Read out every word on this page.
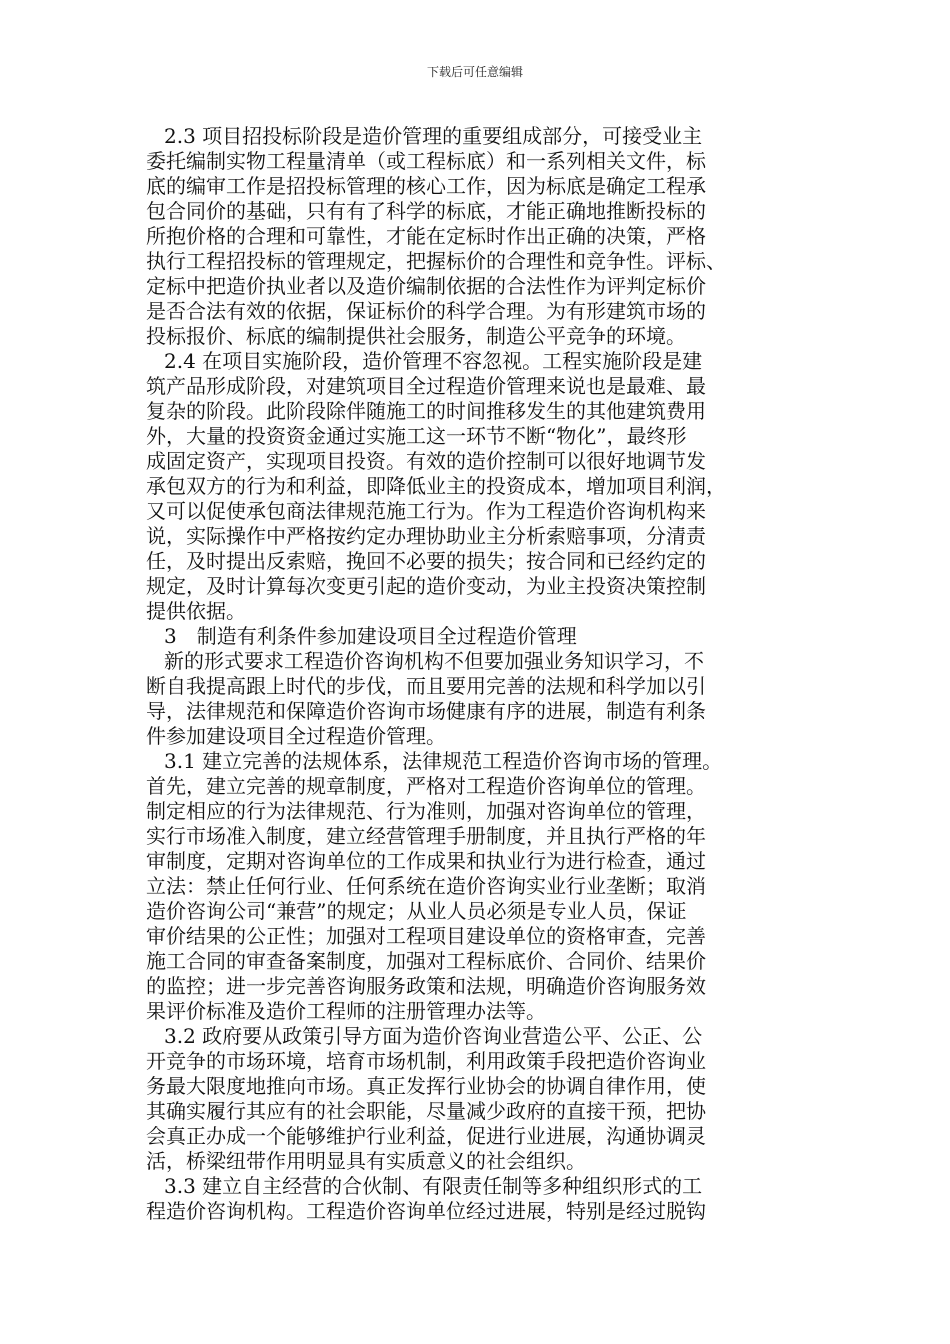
下载后可任意编辑
2.3 项目招投标阶段是造价管理的重要组成部分，可接受业主
委托编制实物工程量清单（或工程标底）和一系列相关文件，标
底的编审工作是招投标管理的核心工作，因为标底是确定工程承
包合同价的基础，只有有了科学的标底，才能正确地推断投标的
所抱价格的合理和可靠性，才能在定标时作出正确的决策，严格
执行工程招投标的管理规定，把握标价的合理性和竞争性。评标、
定标中把造价执业者以及造价编制依据的合法性作为评判定标价
是否合法有效的依据，保证标价的科学合理。为有形建筑市场的
投标报价、标底的编制提供社会服务，制造公平竞争的环境。
2.4 在项目实施阶段，造价管理不容忽视。工程实施阶段是建
筑产品形成阶段，对建筑项目全过程造价管理来说也是最难、最
复杂的阶段。此阶段除伴随施工的时间推移发生的其他建筑费用
外，大量的投资资金通过实施工这一环节不断“物化”，最终形
成固定资产，实现项目投资。有效的造价控制可以很好地调节发
承包双方的行为和利益，即降低业主的投资成本，增加项目利润，
又可以促使承包商法律规范施工行为。作为工程造价咨询机构来
说，实际操作中严格按约定办理协助业主分析索赔事项，分清责
任，及时提出反索赔，挽回不必要的损失；按合同和已经约定的
规定，及时计算每次变更引起的造价变动，为业主投资决策控制
提供依据。
3　制造有利条件参加建设项目全过程造价管理
新的形式要求工程造价咨询机构不但要加强业务知识学习，不
断自我提高跟上时代的步伐，而且要用完善的法规和科学加以引
导，法律规范和保障造价咨询市场健康有序的进展，制造有利条
件参加建设项目全过程造价管理。
3.1 建立完善的法规体系，法律规范工程造价咨询市场的管理。
首先，建立完善的规章制度，严格对工程造价咨询单位的管理。
制定相应的行为法律规范、行为准则，加强对咨询单位的管理，
实行市场准入制度，建立经营管理手册制度，并且执行严格的年
审制度，定期对咨询单位的工作成果和执业行为进行检查，通过
立法：禁止任何行业、任何系统在造价咨询实业行业垄断；取消
造价咨询公司“兼营”的规定；从业人员必须是专业人员，保证
审价结果的公正性；加强对工程项目建设单位的资格审查，完善
施工合同的审查备案制度，加强对工程标底价、合同价、结果价
的监控；进一步完善咨询服务政策和法规，明确造价咨询服务效
果评价标准及造价工程师的注册管理办法等。
3.2 政府要从政策引导方面为造价咨询业营造公平、公正、公
开竞争的市场环境，培育市场机制，利用政策手段把造价咨询业
务最大限度地推向市场。真正发挥行业协会的协调自律作用，使
其确实履行其应有的社会职能，尽量减少政府的直接干预，把协
会真正办成一个能够维护行业利益，促进行业进展，沟通协调灵
活，桥梁纽带作用明显具有实质意义的社会组织。
3.3 建立自主经营的合伙制、有限责任制等多种组织形式的工
程造价咨询机构。工程造价咨询单位经过进展，特别是经过脱钩
